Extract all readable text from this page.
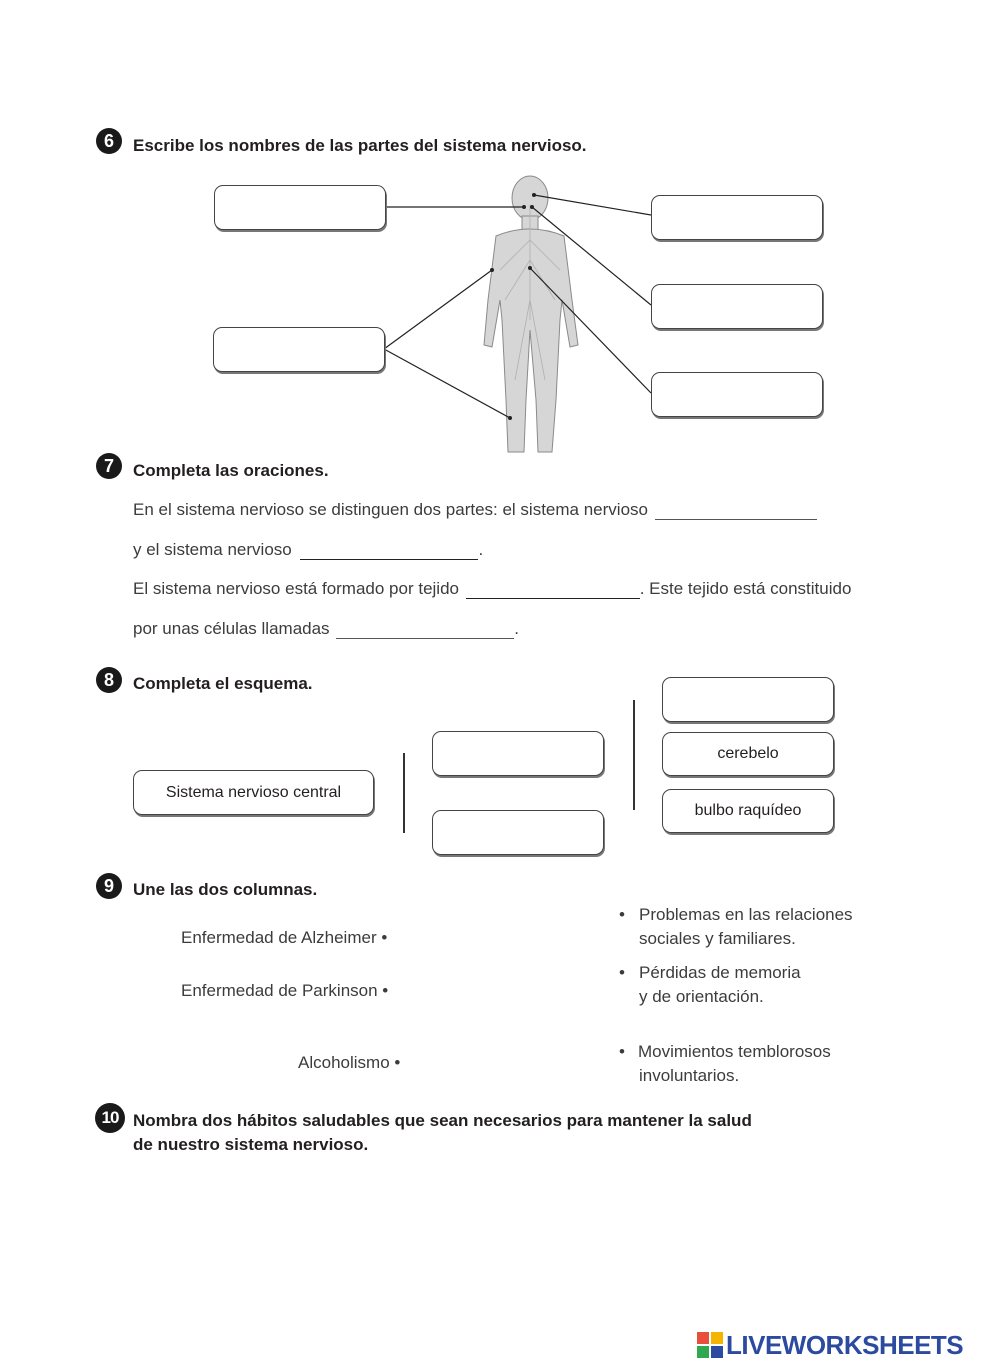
6	Escribe los nombres de las partes del sistema nervioso.
7	Completa las oraciones.
En el sistema nervioso se distinguen dos partes: el sistema nervioso
y el sistema nervioso	.
El sistema nervioso está formado por tejido	. Este tejido está constituido
por unas células llamadas	.
8	Completa el esquema.
Sistema nervioso central
cerebelo
bulbo raquídeo
9	Une las dos columnas.
Enfermedad de Alzheimer •
Enfermedad de Parkinson •
Alcoholismo •
• Problemas en las relaciones
sociales y familiares.
• Pérdidas de memoria
y de orientación.
• Movimientos temblorosos
involuntarios.
10 Nombra dos hábitos saludables que sean necesarios para mantener la salud
de nuestro sistema nervioso.
LIVEWORKSHEETS
